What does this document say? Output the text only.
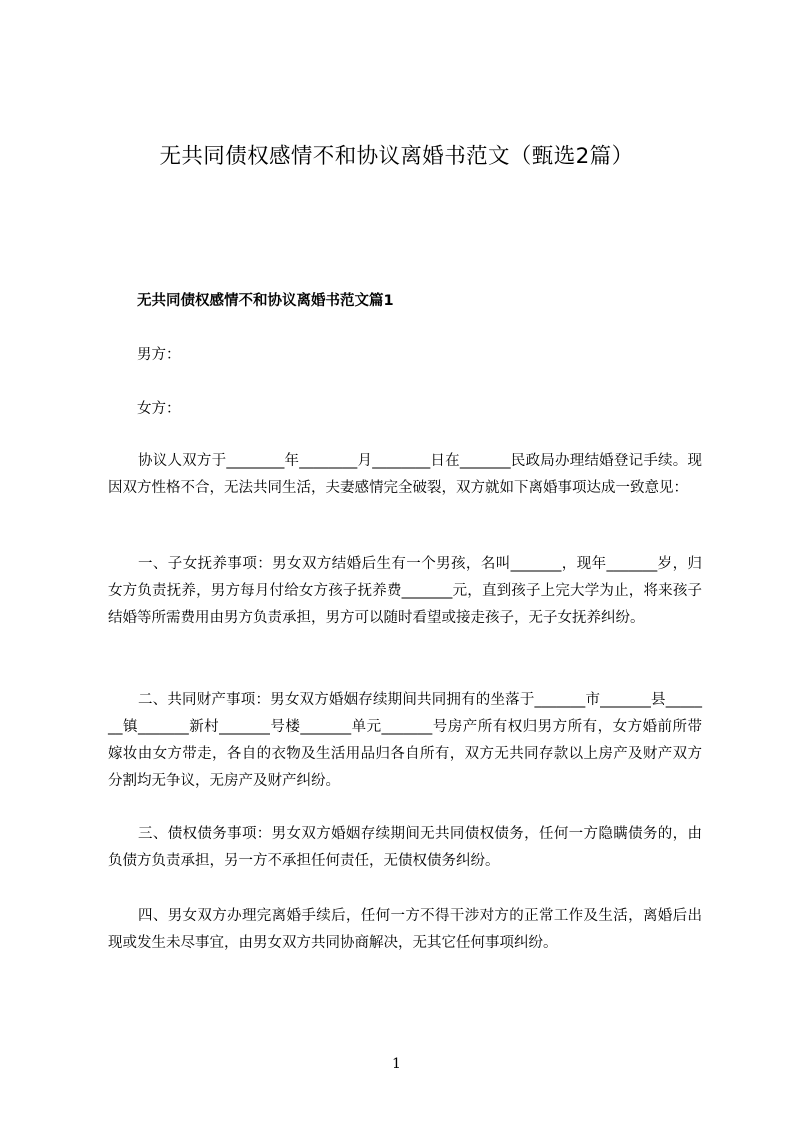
无共同债权感情不和协议离婚书范文（甄选2篇）
无共同债权感情不和协议离婚书范文篇1
男方：
女方：
协议人双方于________年________月________日在_______民政局办理结婚登记手续。现因双方性格不合，无法共同生活，夫妻感情完全破裂，双方就如下离婚事项达成一致意见：
一、子女抚养事项：男女双方结婚后生有一个男孩，名叫_______，现年_______岁，归女方负责抚养，男方每月付给女方孩子抚养费_______元，直到孩子上完大学为止，将来孩子结婚等所需费用由男方负责承担，男方可以随时看望或接走孩子，无子女抚养纠纷。
二、共同财产事项：男女双方婚姻存续期间共同拥有的坐落于_______市_______县_______镇_______新村_______号楼_______单元_______号房产所有权归男方所有，女方婚前所带嫁妆由女方带走，各自的衣物及生活用品归各自所有，双方无共同存款以上房产及财产双方分割均无争议，无房产及财产纠纷。
三、债权债务事项：男女双方婚姻存续期间无共同债权债务，任何一方隐瞒债务的，由负债方负责承担，另一方不承担任何责任，无债权债务纠纷。
四、男女双方办理完离婚手续后，任何一方不得干涉对方的正常工作及生活，离婚后出现或发生未尽事宜，由男女双方共同协商解决，无其它任何事项纠纷。
1
